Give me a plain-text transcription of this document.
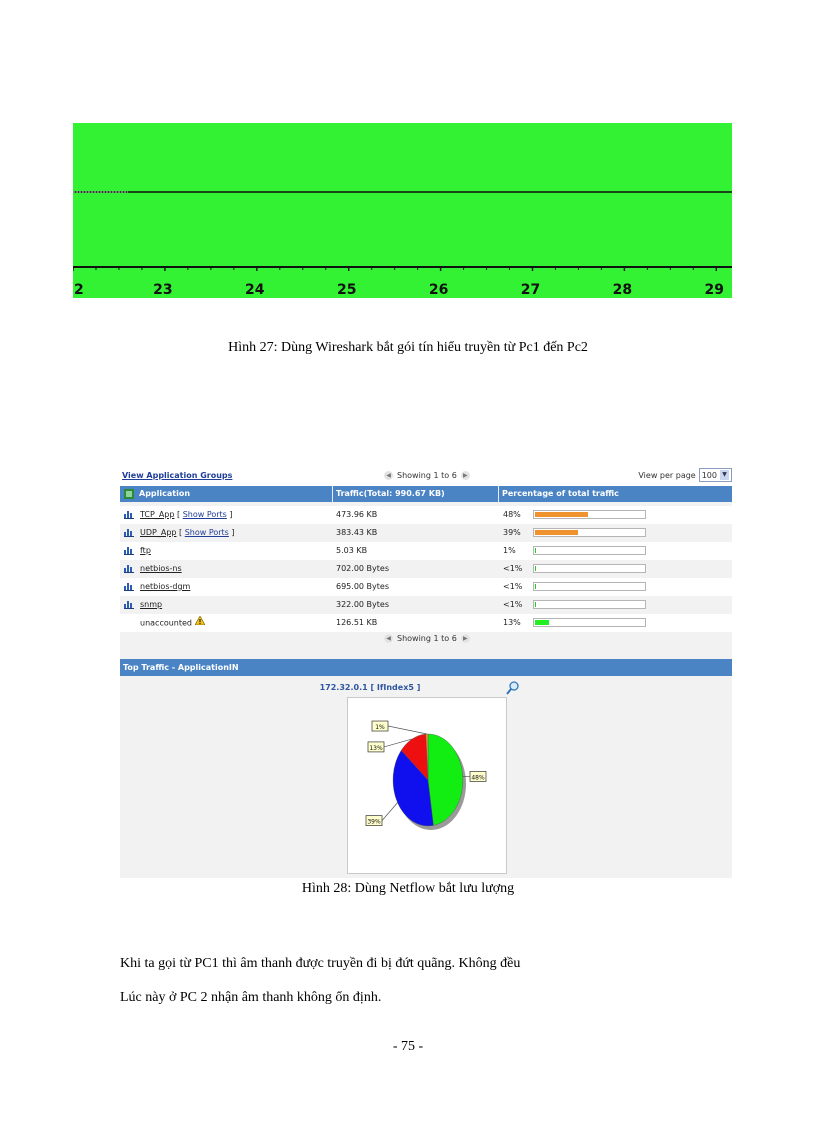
2	23	24	25	26	27	28	29
Hình 27: Dùng Wireshark bắt gói tín hiểu truyền từ Pc1 đến Pc2
View Application Groups	◀ Showing 1 to 6	▶	View per page 100 ▼
Application	Traffic(Total: 990.67 KB)	Percentage of total traffic
TCP_App [ Show Ports ]	473.96 KB	48%
UDP_App [ Show Ports ]	383.43 KB	39%
ftp	5.03 KB	1%
netbios-ns	702.00 Bytes	<1%
netbios-dgm	695.00 Bytes	<1%
snmp	322.00 Bytes	<1%
unaccounted	126.51 KB	13%
◀ Showing 1 to 6	▶
Top Traffic - ApplicationIN
172.32.0.1 [ IfIndex5 ]
48%
39%
13%
1%
Hình 28: Dùng Netflow bắt lưu lượng
Khi ta gọi từ PC1 thì âm thanh được truyền đi bị đứt quãng. Không đều
Lúc này ở PC 2 nhận âm thanh không ổn định.
- 75 -
